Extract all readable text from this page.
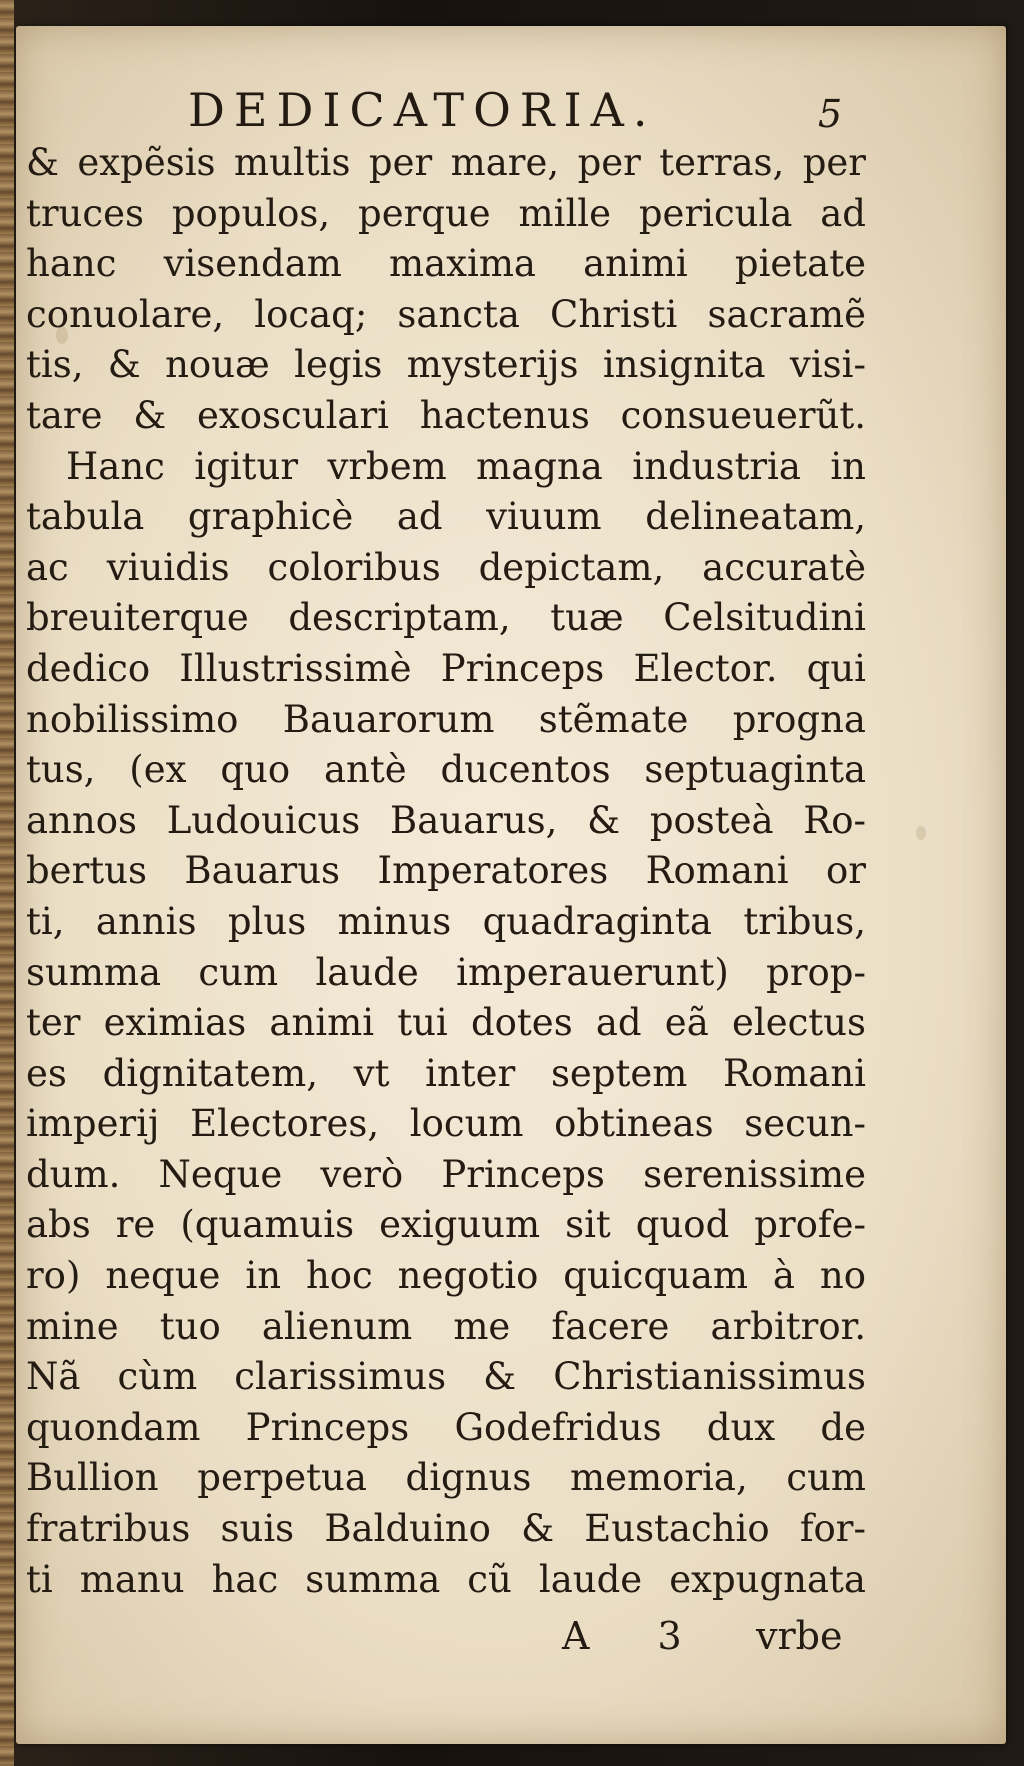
DEDICATORIA.	5
& expẽsis multis per mare, per terras, per
truces populos, perque mille pericula ad
hanc visendam maxima animi pietate
conuolare, locaq; sancta Christi sacramẽ
tis, & nouæ legis mysterijs insignita visi-
tare & exosculari hactenus consueuerũt.
Hanc igitur vrbem magna industria in
tabula graphicè ad viuum delineatam,
ac viuidis coloribus depictam, accuratè
breuiterque descriptam, tuæ Celsitudini
dedico Illustrissimè Princeps Elector. qui
nobilissimo Bauarorum stẽmate progna
tus, (ex quo antè ducentos septuaginta
annos Ludouicus Bauarus, & posteà Ro-
bertus Bauarus Imperatores Romani or
ti, annis plus minus quadraginta tribus,
summa cum laude imperauerunt) prop-
ter eximias animi tui dotes ad eã electus
es dignitatem, vt inter septem Romani
imperij Electores, locum obtineas secun-
dum. Neque verò Princeps serenissime
abs re (quamuis exiguum sit quod profe-
ro) neque in hoc negotio quicquam à no
mine tuo alienum me facere arbitror.
Nã cùm clarissimus & Christianissimus
quondam Princeps Godefridus dux de
Bullion perpetua dignus memoria, cum
fratribus suis Balduino & Eustachio for-
ti manu hac summa cũ laude expugnata
A 3 vrbe
